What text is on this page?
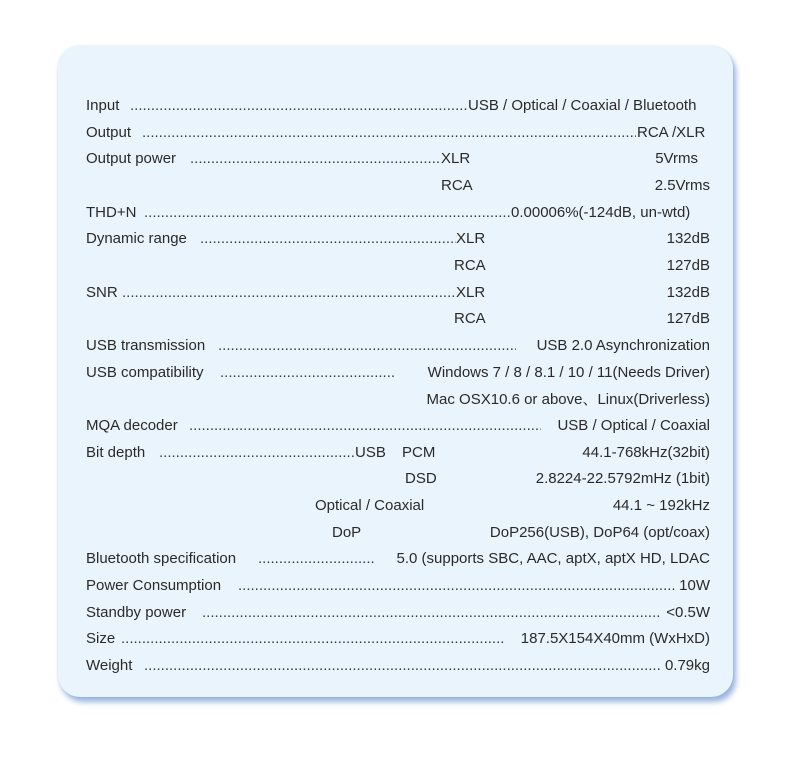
Input .....	USB / Optical / Coaxial / Bluetooth
Output .....	RCA /XLR
Output power .....	XLR	5Vrms
RCA	2.5Vrms
THD+N .....	0.00006%(-124dB, un-wtd)
Dynamic range .....	XLR	132dB
RCA	127dB
SNR .....	XLR	132dB
RCA	127dB
USB transmission .....	USB 2.0 Asynchronization
USB compatibility .....	Windows 7 / 8 / 8.1 / 10 / 11(Needs Driver)
Mac OSX10.6 or above、Linux(Driverless)
MQA decoder .....	USB / Optical / Coaxial
Bit depth .....	USB PCM	44.1-768kHz(32bit)
DSD	2.8224-22.5792mHz (1bit)
Optical / Coaxial	44.1 ~ 192kHz
DoP	DoP256(USB), DoP64 (opt/coax)
Bluetooth specification .....	5.0 (supports SBC, AAC, aptX, aptX HD, LDAC
Power Consumption .....	10W
Standby power .....	<0.5W
Size .....	187.5X154X40mm (WxHxD)
Weight .....	0.79kg
